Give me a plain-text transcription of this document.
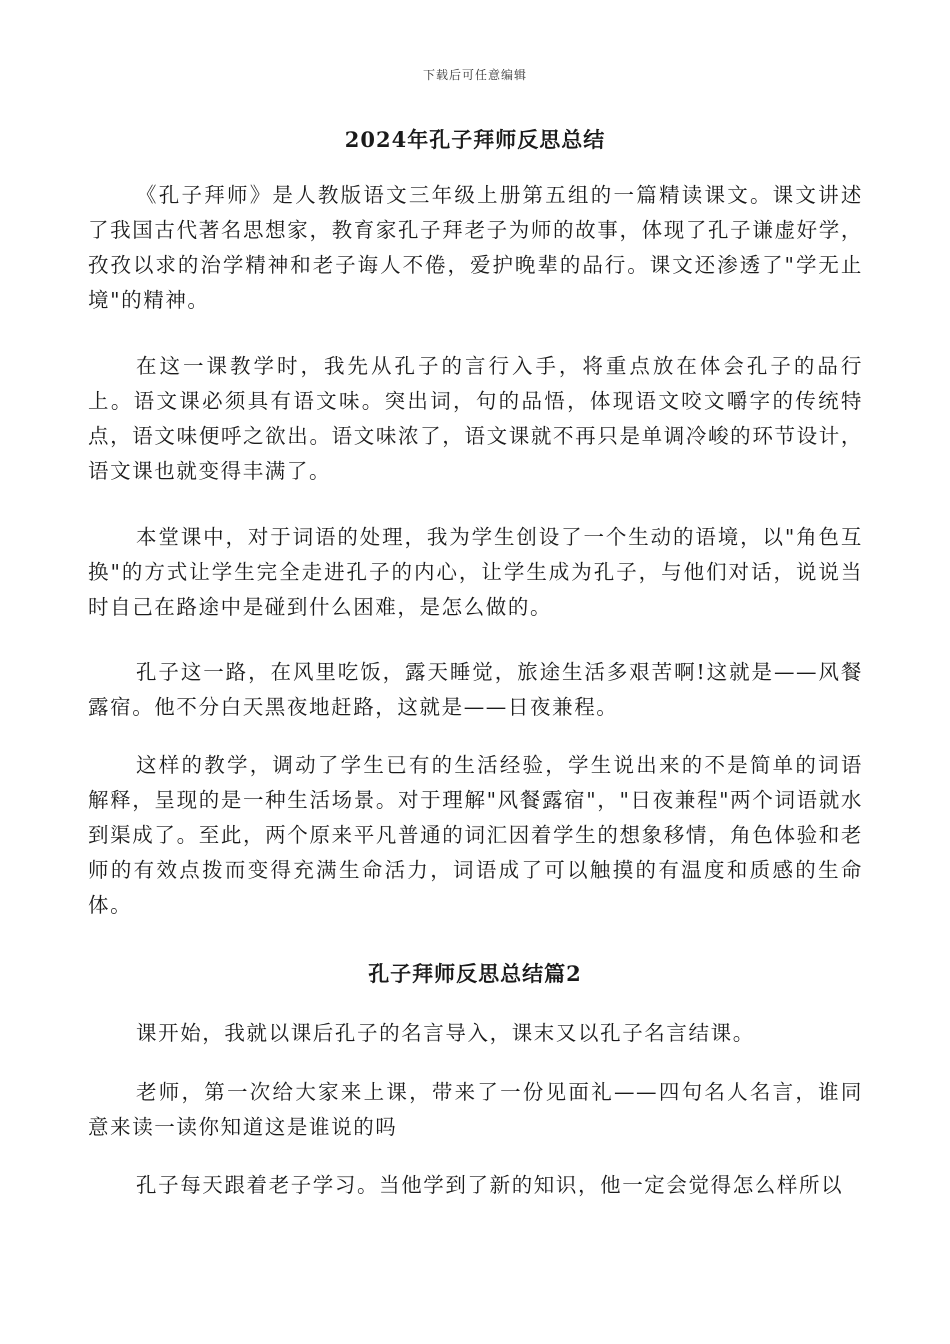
下载后可任意编辑
2024年孔子拜师反思总结

《孔子拜师》是人教版语文三年级上册第五组的一篇精读课文。课文讲述了我国古代著名思想家，教育家孔子拜老子为师的故事，体现了孔子谦虚好学，孜孜以求的治学精神和老子诲人不倦，爱护晚辈的品行。课文还渗透了"学无止境"的精神。

在这一课教学时，我先从孔子的言行入手，将重点放在体会孔子的品行上。语文课必须具有语文味。突出词，句的品悟，体现语文咬文嚼字的传统特点，语文味便呼之欲出。语文味浓了，语文课就不再只是单调冷峻的环节设计，语文课也就变得丰满了。

本堂课中，对于词语的处理，我为学生创设了一个生动的语境，以"角色互换"的方式让学生完全走进孔子的内心，让学生成为孔子，与他们对话，说说当时自己在路途中是碰到什么困难，是怎么做的。

孔子这一路，在风里吃饭，露天睡觉，旅途生活多艰苦啊!这就是——风餐露宿。他不分白天黑夜地赶路，这就是——日夜兼程。

这样的教学，调动了学生已有的生活经验，学生说出来的不是简单的词语解释，呈现的是一种生活场景。对于理解"风餐露宿"，"日夜兼程"两个词语就水到渠成了。至此，两个原来平凡普通的词汇因着学生的想象移情，角色体验和老师的有效点拨而变得充满生命活力，词语成了可以触摸的有温度和质感的生命体。

孔子拜师反思总结篇2

课开始，我就以课后孔子的名言导入，课末又以孔子名言结课。

老师，第一次给大家来上课，带来了一份见面礼——四句名人名言，谁同意来读一读你知道这是谁说的吗

孔子每天跟着老子学习。当他学到了新的知识，他一定会觉得怎么样所以
